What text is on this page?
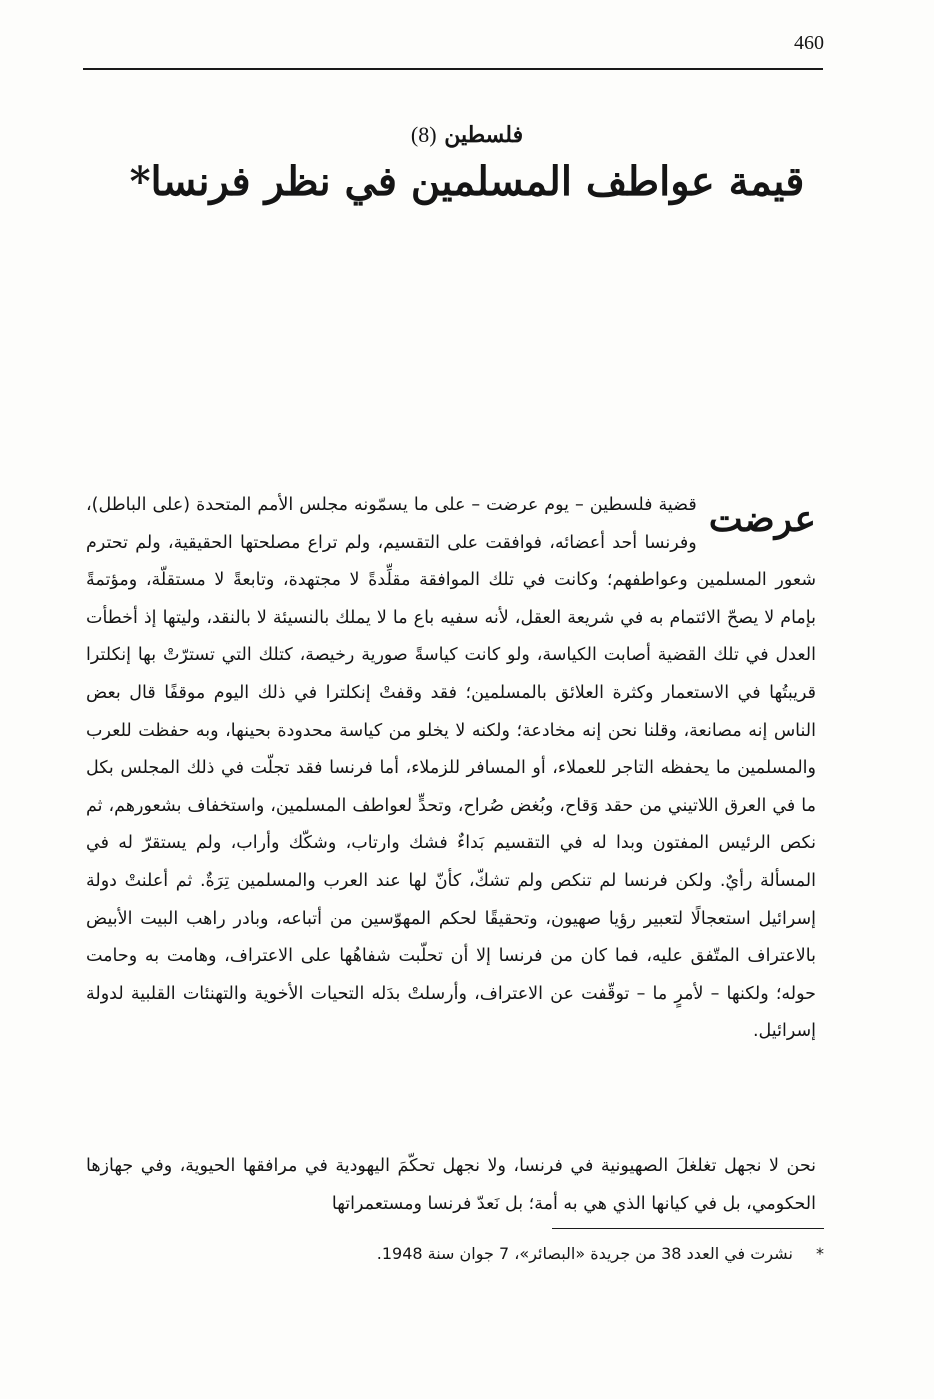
460
فلسطين (8)
قيمة عواطف المسلمين في نظر فرنسا*
عرضت

قضية فلسطين – يوم عرضت – على ما يسمّونه مجلس الأمم المتحدة (على الباطل)، وفرنسا أحد أعضائه، فوافقت على التقسيم، ولم تراع مصلحتها الحقيقية، ولم تحترم شعور المسلمين وعواطفهم؛ وكانت في تلك الموافقة مقلِّدةً لا مجتهدة، وتابعةً لا مستقلّة، ومؤتمةً بإمام لا يصحّ الائتمام به في شريعة العقل، لأنه سفيه باع ما لا يملك بالنسيئة لا بالنقد، وليتها إذ أخطأت العدل في تلك القضية أصابت الكياسة، ولو كانت كياسةً صورية رخيصة، كتلك التي تسترّتْ بها إنكلترا قريبتُها في الاستعمار وكثرة العلائق بالمسلمين؛ فقد وقفتْ إنكلترا في ذلك اليوم موقفًا قال بعض الناس إنه مصانعة، وقلنا نحن إنه مخادعة؛ ولكنه لا يخلو من كياسة محدودة بحينها، وبه حفظت للعرب والمسلمين ما يحفظه التاجر للعملاء، أو المسافر للزملاء، أما فرنسا فقد تجلّت في ذلك المجلس بكل ما في العرق اللاتيني من حقد وَقاح، وبُغض صُراح، وتحدٍّ لعواطف المسلمين، واستخفاف بشعورهم، ثم نكص الرئيس المفتون وبدا له في التقسيم بَداءٌ فشك وارتاب، وشكّك وأراب، ولم يستقرّ له في المسألة رأيٌ. ولكن فرنسا لم تنكص ولم تشكّ، كأنّ لها عند العرب والمسلمين تِرَةٌ. ثم أعلنتْ دولة إسرائيل استعجالًا لتعبير رؤيا صهيون، وتحقيقًا لحكم المهوّسين من أتباعه، وبادر راهب البيت الأبيض بالاعتراف المتّفق عليه، فما كان من فرنسا إلا أن تحلّبت شفاهُها على الاعتراف، وهامت به وحامت حوله؛ ولكنها – لأمرٍ ما – توقّفت عن الاعتراف، وأرسلتْ بدَله التحيات الأخوية والتهنئات القلبية لدولة إسرائيل.

نحن لا نجهل تغلغلَ الصهيونية في فرنسا، ولا نجهل تحكّمَ اليهودية في مرافقها الحيوية، وفي جهازها الحكومي، بل في كيانها الذي هي به أمة؛ بل نَعدّ فرنسا ومستعمراتها

* نشرت في العدد 38 من جريدة «البصائر»، 7 جوان سنة 1948.
